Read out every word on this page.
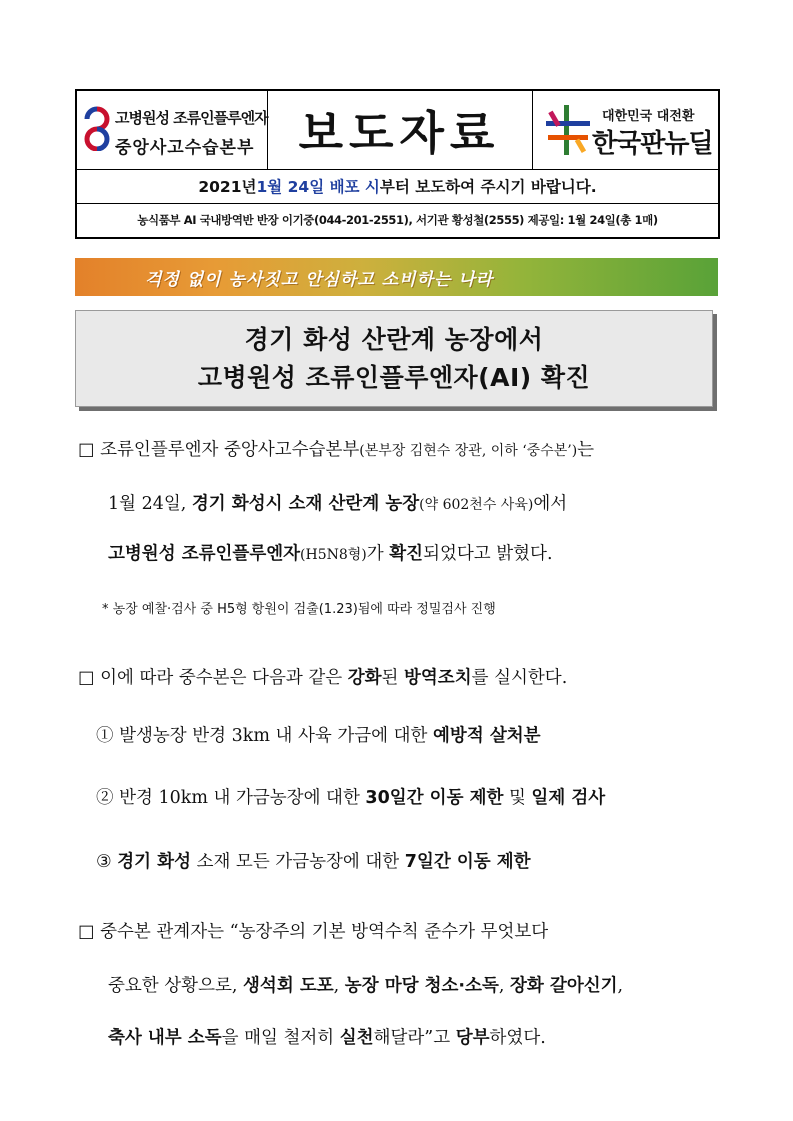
고병원성 조류인플루엔자
중앙사고수습본부 보도자료	대한민국 대전환
한국판뉴딜
2021년 1월 24일 배포 시 부터 보도하여 주시기 바랍니다.
농식품부 AI 국내방역반 반장 이기중(044-201-2551), 서기관 황성철(2555) 제공일: 1월 24일(총 1매)
걱정 없이 농사짓고 안심하고 소비하는 나라
경기 화성 산란계 농장에서
고병원성 조류인플루엔자(AI) 확진
□ 조류인플루엔자 중앙사고수습본부(본부장 김현수 장관, 이하 ‘중수본’)는
1월 24일, 경기 화성시 소재 산란계 농장(약 602천수 사육)에서
고병원성 조류인플루엔자(H5N8형)가 확진되었다고 밝혔다.
* 농장 예찰·검사 중 H5형 항원이 검출(1.23)됨에 따라 정밀검사 진행
□ 이에 따라 중수본은 다음과 같은 강화된 방역조치를 실시한다.
① 발생농장 반경 3km 내 사육 가금에 대한 예방적 살처분
② 반경 10km 내 가금농장에 대한 30일간 이동 제한 및 일제 검사
③ 경기 화성 소재 모든 가금농장에 대한 7일간 이동 제한
□ 중수본 관계자는 “농장주의 기본 방역수칙 준수가 무엇보다
중요한 상황으로, 생석회 도포, 농장 마당 청소·소독, 장화 갈아신기,
축사 내부 소독을 매일 철저히 실천해달라”고 당부하였다.
